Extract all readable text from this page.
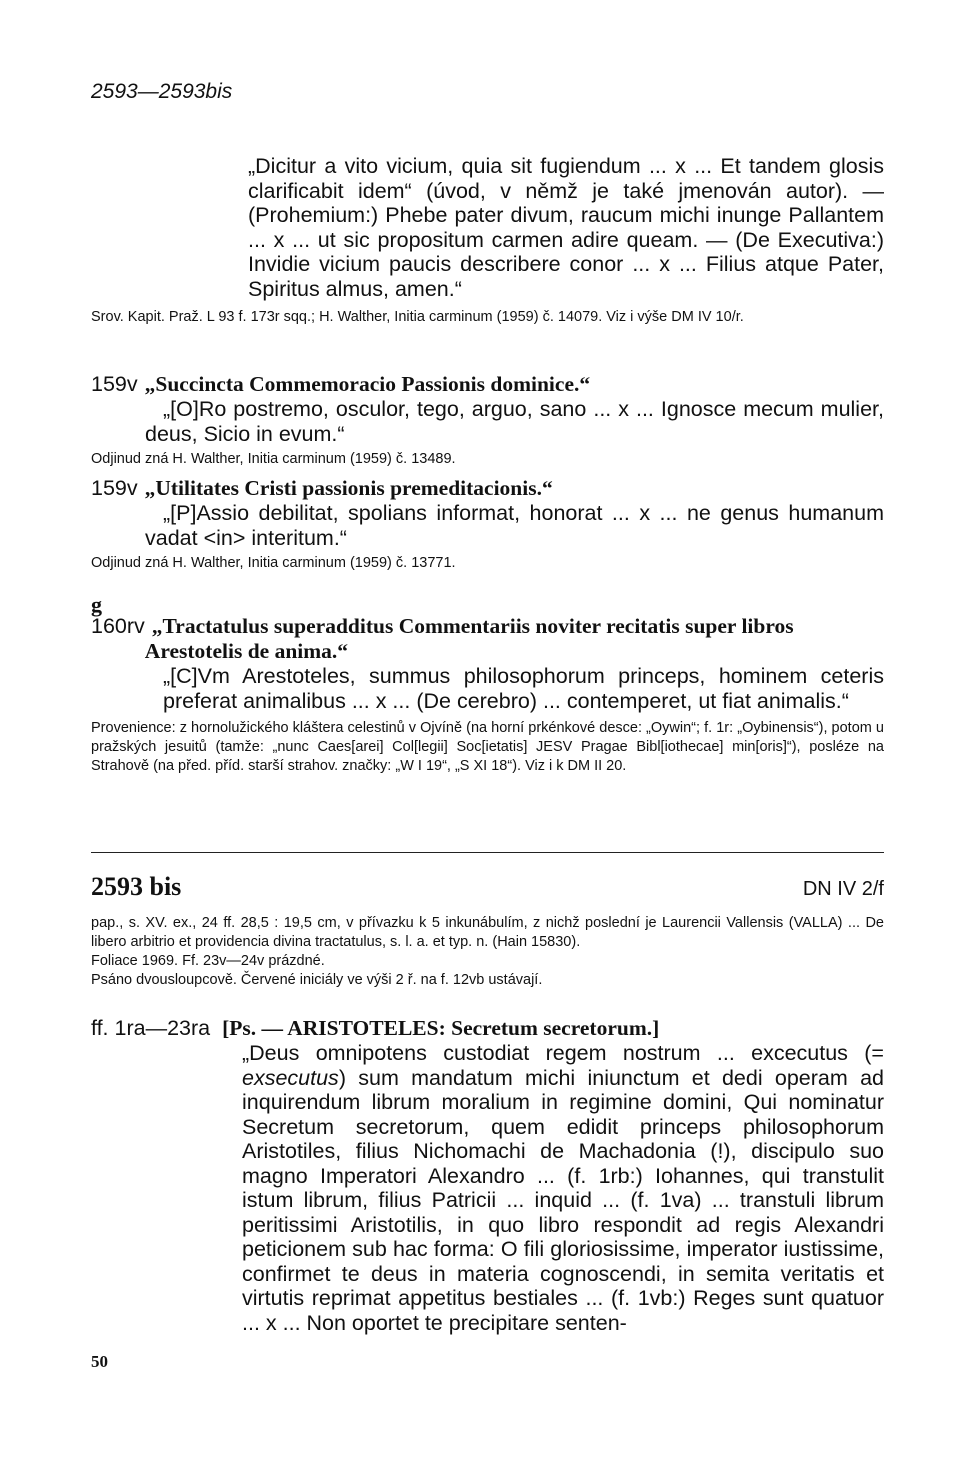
2593—2593bis

„Dicitur a vito vicium, quia sit fugiendum ... x ... Et tandem glosis clarificabit idem“ (úvod, v němž je také jmenován autor). — (Prohemium:) Phebe pater divum, raucum michi inunge Pallantem ... x ... ut sic propositum carmen adire queam. — (De Executiva:) Invidie vicium paucis describere conor ... x ... Filius atque Pater, Spiritus almus, amen.“

Srov. Kapit. Praž. L 93 f. 173r sqq.; H. Walther, Initia carminum (1959) č. 14079. Viz i výše DM IV 10/r.

159v „Succincta Commemoracio Passionis dominice.“

„[O]Ro postremo, osculor, tego, arguo, sano ... x ... Ignosce mecum mulier, deus, Sicio in evum.“

Odjinud zná H. Walther, Initia carminum (1959) č. 13489.

159v „Utilitates Cristi passionis premeditacionis.“

„[P]Assio debilitat, spolians informat, honorat ... x ... ne genus humanum vadat <in> interitum.“

Odjinud zná H. Walther, Initia carminum (1959) č. 13771.

g
160rv „Tractatulus superadditus Commentariis noviter recitatis super libros Arestotelis de anima.“

„[C]Vm Arestoteles, summus philosophorum princeps, hominem ceteris preferat animalibus ... x ... (De cerebro) ... contemperet, ut fiat animalis.“

Provenience: z hornolužického kláštera celestinů v Ojvíně (na horní prkénkové desce: „Oywin“; f. 1r: „Oybinensis“), potom u pražských jesuitů (tamže: „nunc Caes[arei] Col[legii] Soc[ietatis] JESV Pragae Bibl[iothecae] min[oris]“), posléze na Strahově (na před. příd. starší strahov. značky: „W I 19“, „S XI 18“). Viz i k DM II 20.

2593 bis	DN IV 2/f

pap., s. XV. ex., 24 ff. 28,5 : 19,5 cm, v přívazku k 5 inkunábulím, z nichž poslední je Laurencii Vallensis (VALLA) ... De libero arbitrio et providencia divina tractatulus, s. l. a. et typ. n. (Hain 15830).

Foliace 1969. Ff. 23v—24v prázdné.

Psáno dvousloupcově. Červené iniciály ve výši 2 ř. na f. 12vb ustávají.

ff. 1ra—23ra [Ps. — ARISTOTELES: Secretum secretorum.]

„Deus omnipotens custodiat regem nostrum ... excecutus (= exsecutus) sum mandatum michi iniunctum et dedi operam ad inquirendum librum moralium in regimine domini, Qui nominatur Secretum secretorum, quem edidit princeps philosophorum Aristotiles, filius Nichomachi de Machadonia (!), discipulo suo magno Imperatori Alexandro ... (f. 1rb:) Iohannes, qui transtulit istum librum, filius Patricii ... inquid ... (f. 1va) ... transtuli librum peritissimi Aristotilis, in quo libro respondit ad regis Alexandri peticionem sub hac forma: O fili gloriosissime, imperator iustissime, confirmet te deus in materia cognoscendi, in semita veritatis et virtutis reprimat appetitus bestiales ... (f. 1vb:) Reges sunt quatuor ... x ... Non oportet te precipitare senten-

50
